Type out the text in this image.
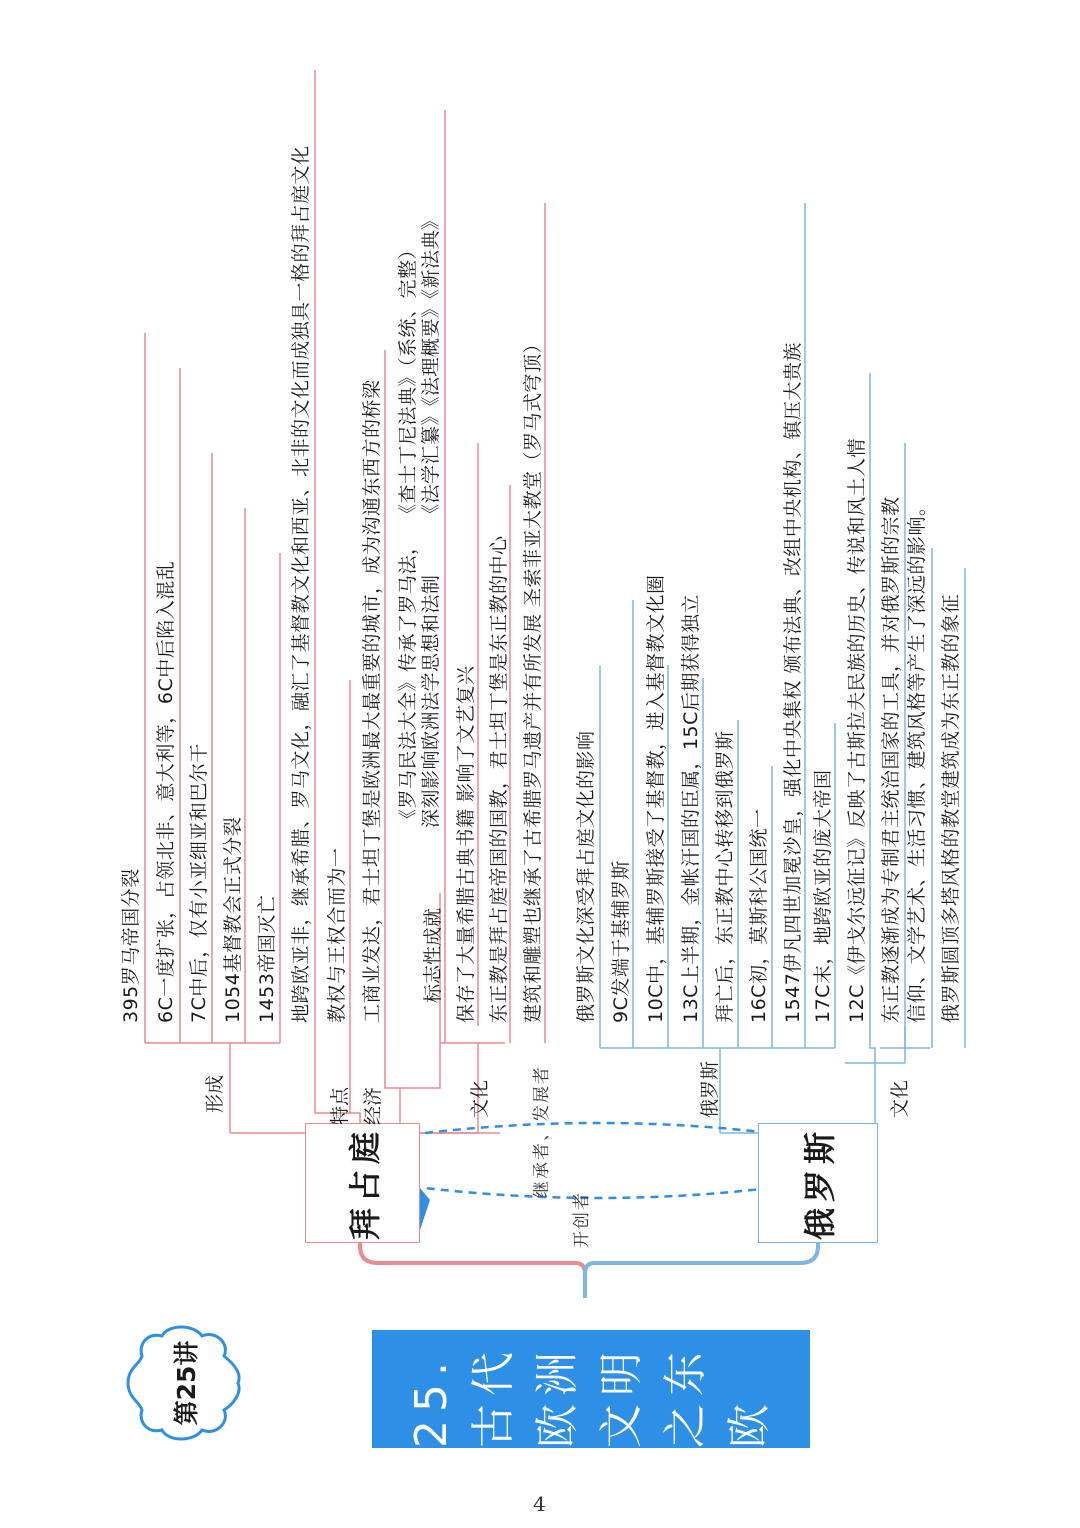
25.古代欧洲文明之东欧
第25讲
拜占庭	俄罗斯
继承者、发展者
开创者
形成	特点 经济	文化
标志性成就
395罗马帝国分裂 6C一度扩张，占领北非、意大利等，6C中后陷入混乱 7C中后，仅有小亚细亚和巴尔干 1054基督教会正式分裂 1453帝国灭亡 地跨欧亚非，继承希腊、罗马文化，融汇了基督教文化和西亚、北非的文化而成独具一格的拜占庭文化 教权与王权合而为一 工商业发达，君士坦丁堡是欧洲最大最重要的城市，成为沟通东西方的桥梁 《罗马民法大全》传承了罗马法，
《查士丁尼法典》（系统、完整）
深刻影响欧洲法学思想和法制
《法学汇纂》《法理概要》《新法典》
保存了大量希腊古典书籍 影响了文艺复兴 东正教是拜占庭帝国的国教，君士坦丁堡是东正教的中心 建筑和雕塑也继承了古希腊罗马遗产并有所发展 圣索菲亚大教堂（罗马式穹顶）
俄罗斯	文化
俄罗斯文化深受拜占庭文化的影响 9C发端于基辅罗斯 10C中，基辅罗斯接受了基督教，进入基督教文化圈 13C上半期，金帐汗国的臣属，15C后期获得独立 拜亡后，东正教中心转移到俄罗斯 16C初，莫斯科公国统一 1547伊凡四世加冕沙皇，强化中央集权 颁布法典、改组中央机构、镇压大贵族 17C末，地跨欧亚的庞大帝国 12C《伊戈尔远征记》反映了古斯拉夫民族的历史、传说和风土人情 东正教逐渐成为专制君主统治国家的工具，并对俄罗斯的宗教 信仰、文学艺术、生活习惯、建筑风格等产生了深远的影响。 俄罗斯圆顶多塔风格的教堂建筑成为东正教的象征
4
